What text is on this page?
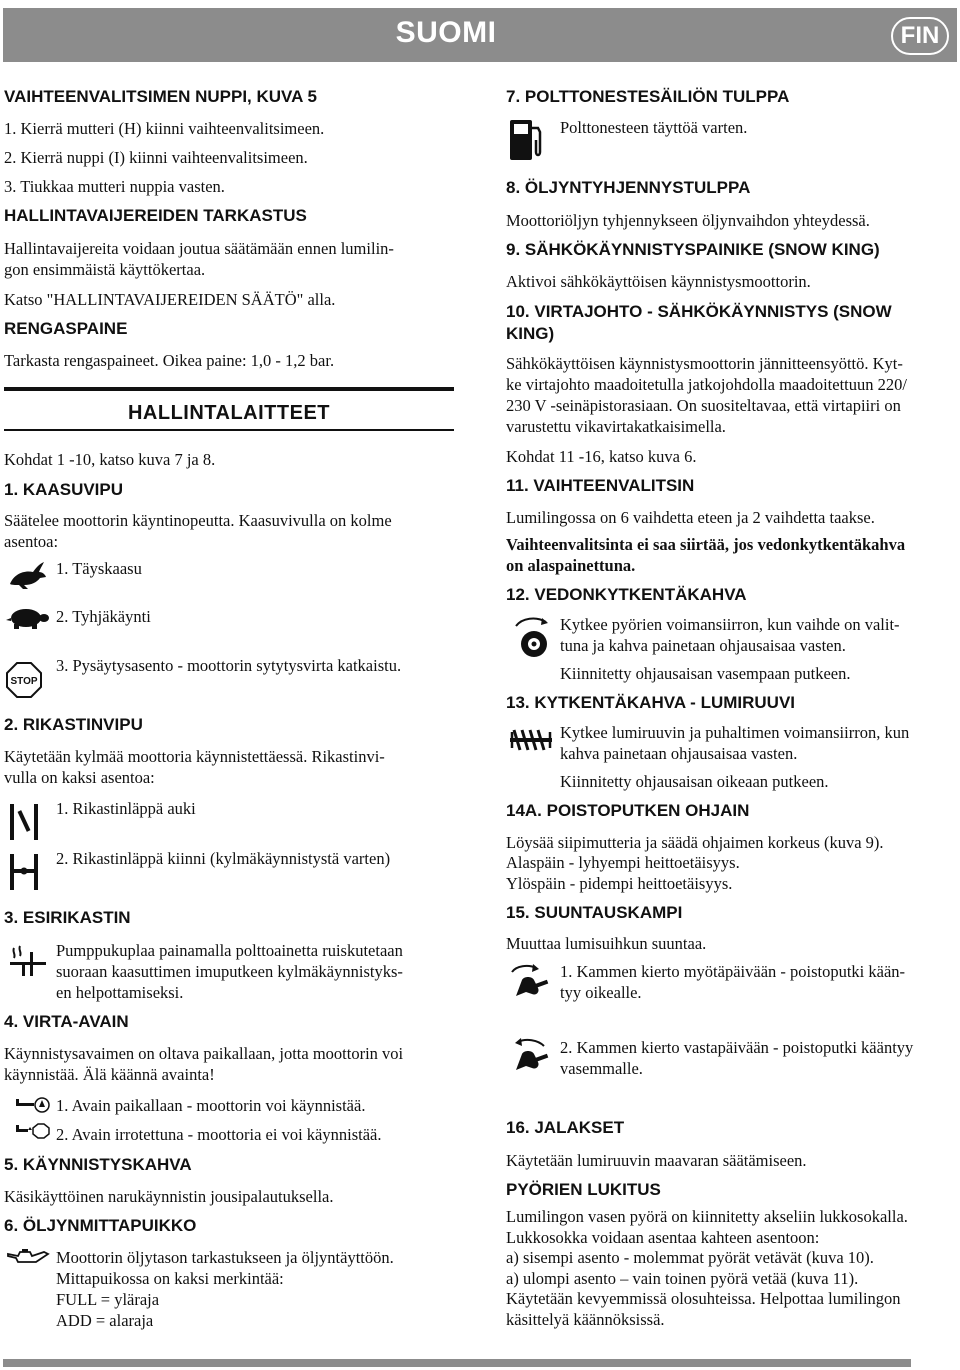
SUOMI	FIN

VAIHTEENVALITSIMEN NUPPI, KUVA 5

1. Kierrä mutteri (H) kiinni vaihteenvalitsimeen.

2. Kierrä nuppi (I) kiinni vaihteenvalitsimeen.

3. Tiukkaa mutteri nuppia vasten.

HALLINTAVAIJEREIDEN TARKASTUS

Hallintavaijereita voidaan joutua säätämään ennen lumilin-

gon ensimmäistä käyttökertaa.

Katso "HALLINTAVAIJEREIDEN SÄÄTÖ" alla.

RENGASPAINE

Tarkasta rengaspaineet. Oikea paine: 1,0 - 1,2 bar.

HALLINTALAITTEET

Kohdat 1 -10, katso kuva 7 ja 8.

1. KAASUVIPU

Säätelee moottorin käyntinopeutta. Kaasuvivulla on kolme

asentoa:

1. Täyskaasu

2. Tyhjäkäynti

STOP

3. Pysäytysasento - moottorin sytytysvirta katkaistu.

2. RIKASTINVIPU

Käytetään kylmää moottoria käynnistettäessä. Rikastinvi-

vulla on kaksi asentoa:

1. Rikastinläppä auki

2. Rikastinläppä kiinni (kylmäkäynnistystä varten)

3. ESIRIKASTIN

Pumppukuplaa painamalla polttoainetta ruiskutetaan

suoraan kaasuttimen imuputkeen kylmäkäynnistyks-

en helpottamiseksi.

4. VIRTA-AVAIN

Käynnistysavaimen on oltava paikallaan, jotta moottorin voi

käynnistää. Älä käännä avainta!

1. Avain paikallaan - moottorin voi käynnistää.

2. Avain irrotettuna - moottoria ei voi käynnistää.

5. KÄYNNISTYSKAHVA

Käsikäyttöinen narukäynnistin jousipalautuksella.

6. ÖLJYNMITTAPUIKKO

Moottorin öljytason tarkastukseen ja öljyntäyttöön.

Mittapuikossa on kaksi merkintää:

FULL = yläraja

ADD = alaraja

7. POLTTONESTESÄILIÖN TULPPA

Polttonesteen täyttöä varten.

8. ÖLJYNTYHJENNYSTULPPA

Moottoriöljyn tyhjennykseen öljynvaihdon yhteydessä.

9. SÄHKÖKÄYNNISTYSPAINIKE (SNOW KING)

Aktivoi sähkökäyttöisen käynnistysmoottorin.

10. VIRTAJOHTO - SÄHKÖKÄYNNISTYS (SNOW

KING)

Sähkökäyttöisen käynnistysmoottorin jännitteensyöttö. Kyt-

ke virtajohto maadoitetulla jatkojohdolla maadoitettuun 220/

230 V -seinäpistorasiaan. On suositeltavaa, että virtapiiri on

varustettu vikavirtakatkaisimella.

Kohdat 11 -16, katso kuva 6.

11. VAIHTEENVALITSIN

Lumilingossa on 6 vaihdetta eteen ja 2 vaihdetta taakse.

Vaihteenvalitsinta ei saa siirtää, jos vedonkytkentäkahva

on alaspainettuna.

12. VEDONKYTKENTÄKAHVA

Kytkee pyörien voimansiirron, kun vaihde on valit-

tuna ja kahva painetaan ohjausaisaa vasten.

Kiinnitetty ohjausaisan vasempaan putkeen.

13. KYTKENTÄKAHVA - LUMIRUUVI

Kytkee lumiruuvin ja puhaltimen voimansiirron, kun

kahva painetaan ohjausaisaa vasten.

Kiinnitetty ohjausaisan oikeaan putkeen.

14A. POISTOPUTKEN OHJAIN

Löysää siipimutteria ja säädä ohjaimen korkeus (kuva 9).

Alaspäin - lyhyempi heittoetäisyys.

Ylöspäin - pidempi heittoetäisyys.

15. SUUNTAUSKAMPI

Muuttaa lumisuihkun suuntaa.

1. Kammen kierto myötäpäivään - poistoputki kään-

tyy oikealle.

2. Kammen kierto vastapäivään - poistoputki kääntyy

vasemmalle.

16. JALAKSET

Käytetään lumiruuvin maavaran säätämiseen.

PYÖRIEN LUKITUS

Lumilingon vasen pyörä on kiinnitetty akseliin lukkosokalla.

Lukkosokka voidaan asentaa kahteen asentoon:

a) sisempi asento - molemmat pyörät vetävät (kuva 10).

a) ulompi asento – vain toinen pyörä vetää (kuva 11).

Käytetään kevyemmissä olosuhteissa. Helpottaa lumilingon

käsittelyä käännöksissä.
